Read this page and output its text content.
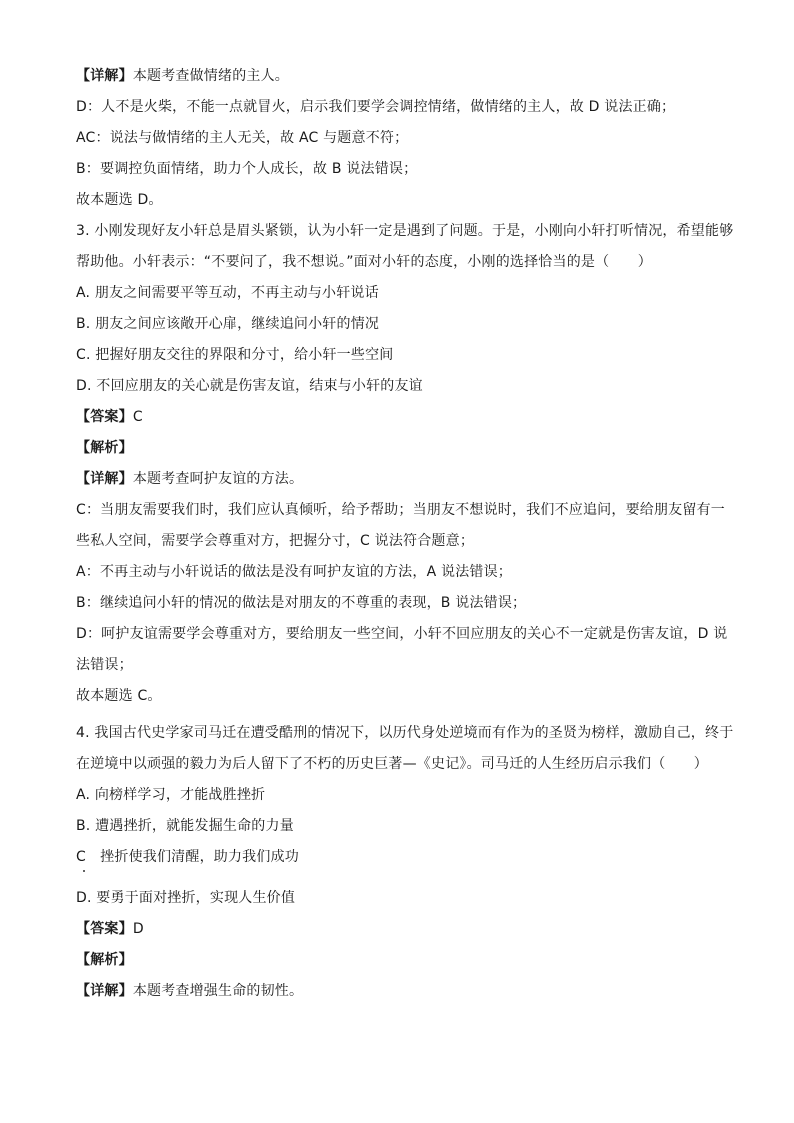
【详解】本题考查做情绪的主人。
D：人不是火柴，不能一点就冒火，启示我们要学会调控情绪，做情绪的主人，故 D 说法正确；
AC：说法与做情绪的主人无关，故 AC 与题意不符；
B：要调控负面情绪，助力个人成长，故 B 说法错误；
故本题选 D。
3. 小刚发现好友小轩总是眉头紧锁，认为小轩一定是遇到了问题。于是，小刚向小轩打听情况，希望能够
帮助他。小轩表示：“不要问了，我不想说。”面对小轩的态度，小刚的选择恰当的是（　　）
A. 朋友之间需要平等互动，不再主动与小轩说话
B. 朋友之间应该敞开心扉，继续追问小轩的情况
C. 把握好朋友交往的界限和分寸，给小轩一些空间
D. 不回应朋友的关心就是伤害友谊，结束与小轩的友谊
【答案】C
【解析】
【详解】本题考查呵护友谊的方法。
C：当朋友需要我们时，我们应认真倾听，给予帮助；当朋友不想说时，我们不应追问，要给朋友留有一
些私人空间，需要学会尊重对方，把握分寸，C 说法符合题意；
A：不再主动与小轩说话的做法是没有呵护友谊的方法，A 说法错误；
B：继续追问小轩的情况的做法是对朋友的不尊重的表现，B 说法错误；
D：呵护友谊需要学会尊重对方，要给朋友一些空间，小轩不回应朋友的关心不一定就是伤害友谊，D 说
法错误；
故本题选 C。
4. 我国古代史学家司马迁在遭受酷刑的情况下，以历代身处逆境而有作为的圣贤为榜样，激励自己，终于
在逆境中以顽强的毅力为后人留下了不朽的历史巨著—《史记》。司马迁的人生经历启示我们（　　）
A. 向榜样学习，才能战胜挫折
B. 遭遇挫折，就能发掘生命的力量
C　挫折使我们清醒，助力我们成功
D. 要勇于面对挫折，实现人生价值
【答案】D
【解析】
【详解】本题考查增强生命的韧性。
